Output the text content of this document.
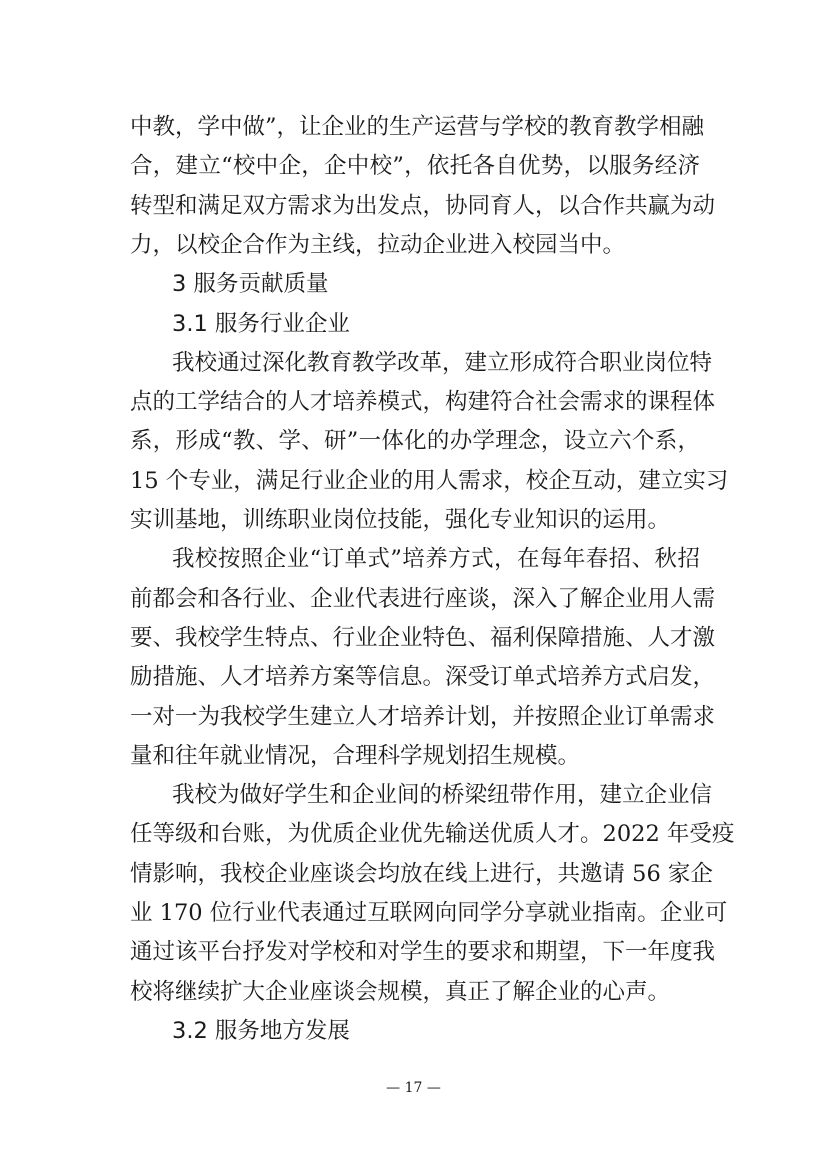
中教，学中做”，让企业的生产运营与学校的教育教学相融
合，建立“校中企，企中校”，依托各自优势，以服务经济
转型和满足双方需求为出发点，协同育人，以合作共赢为动
力，以校企合作为主线，拉动企业进入校园当中。
3 服务贡献质量
3.1 服务行业企业
我校通过深化教育教学改革，建立形成符合职业岗位特
点的工学结合的人才培养模式，构建符合社会需求的课程体
系，形成“教、学、研”一体化的办学理念，设立六个系，
15 个专业，满足行业企业的用人需求，校企互动，建立实习
实训基地，训练职业岗位技能，强化专业知识的运用。
我校按照企业“订单式”培养方式，在每年春招、秋招
前都会和各行业、企业代表进行座谈，深入了解企业用人需
要、我校学生特点、行业企业特色、福利保障措施、人才激
励措施、人才培养方案等信息。深受订单式培养方式启发，
一对一为我校学生建立人才培养计划，并按照企业订单需求
量和往年就业情况，合理科学规划招生规模。
我校为做好学生和企业间的桥梁纽带作用，建立企业信
任等级和台账，为优质企业优先输送优质人才。2022 年受疫
情影响，我校企业座谈会均放在线上进行，共邀请 56 家企
业 170 位行业代表通过互联网向同学分享就业指南。企业可
通过该平台抒发对学校和对学生的要求和期望，下一年度我
校将继续扩大企业座谈会规模，真正了解企业的心声。
3.2 服务地方发展
— 17 —
